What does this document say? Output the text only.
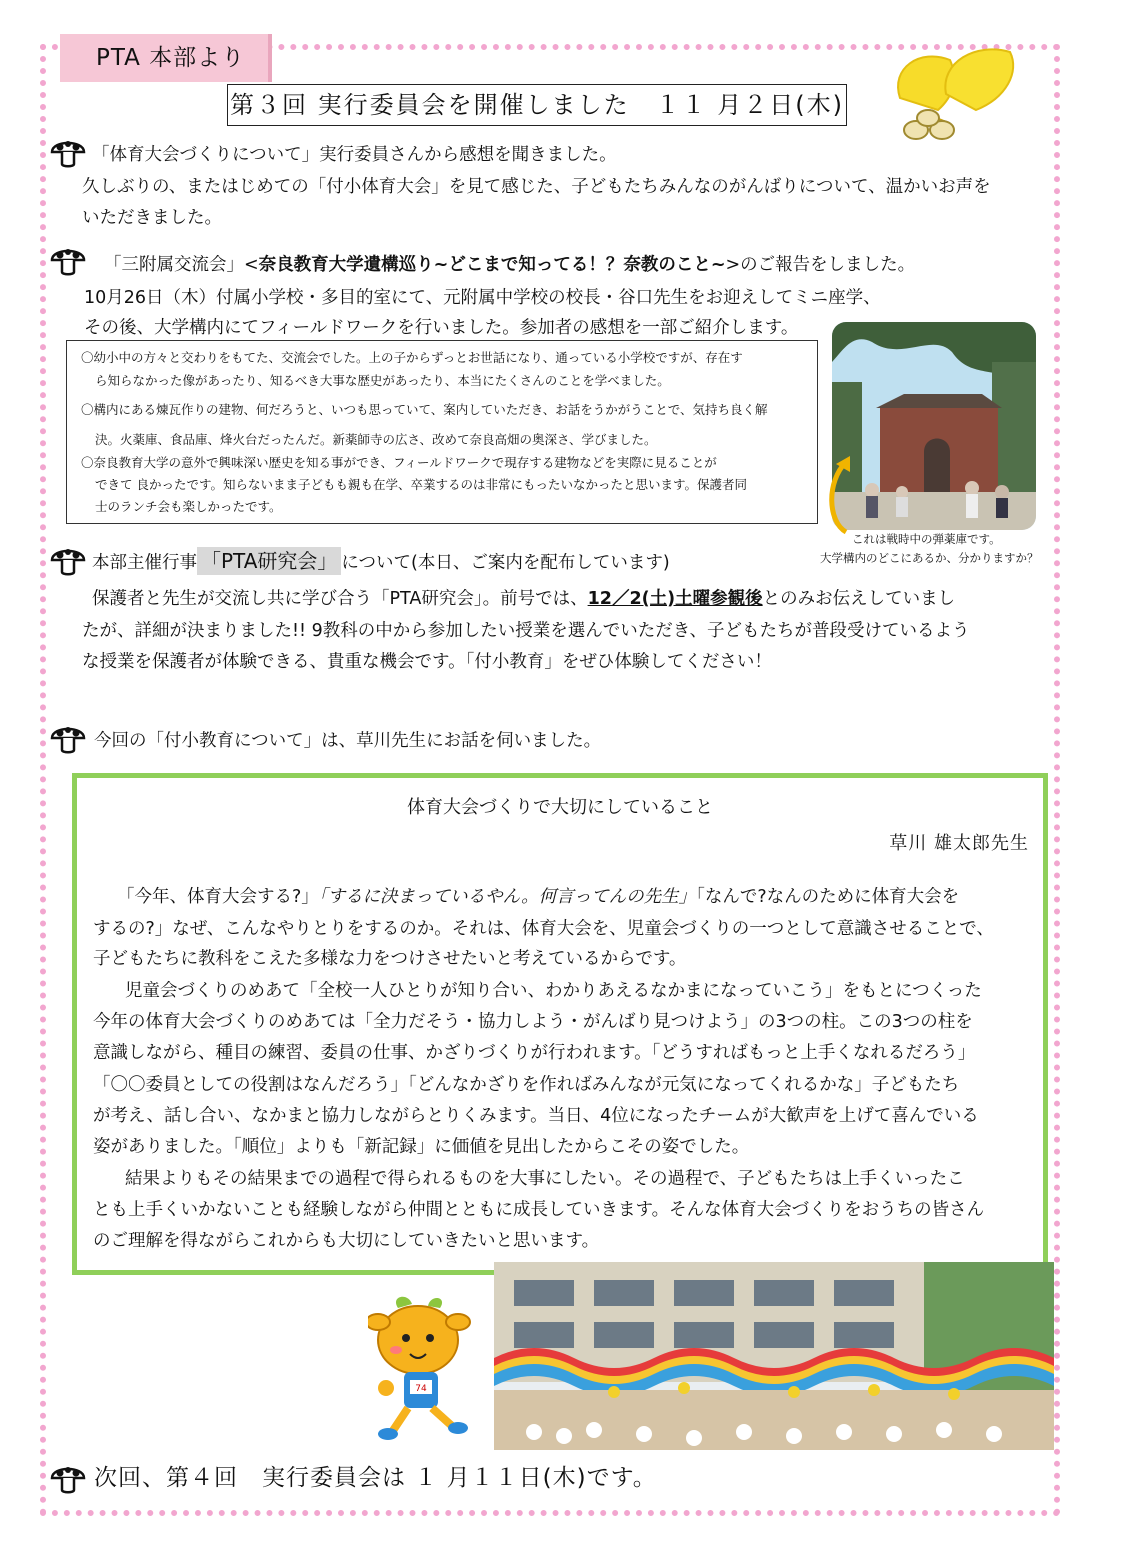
PTA 本部より
第３回 実行委員会を開催しました　１１ 月２日(木)
「体育大会づくりについて」実行委員さんから感想を聞きました。
久しぶりの、またはじめての「付小体育大会」を見て感じた、子どもたちみんなのがんばりについて、温かいお声を
いただきました。
「三附属交流会」<奈良教育大学遺構巡り~どこまで知ってる！？奈教のこと~>のご報告をしました。
10月26日（木）付属小学校・多目的室にて、元附属中学校の校長・谷口先生をお迎えしてミニ座学、
その後、大学構内にてフィールドワークを行いました。参加者の感想を一部ご紹介します。
〇幼小中の方々と交わりをもてた、交流会でした。上の子からずっとお世話になり、通っている小学校ですが、存在す
ら知らなかった像があったり、知るべき大事な歴史があったり、本当にたくさんのことを学べました。
〇構内にある煉瓦作りの建物、何だろうと、いつも思っていて、案内していただき、お話をうかがうことで、気持ち良く解
決。火薬庫、食品庫、烽火台だったんだ。新薬師寺の広さ、改めて奈良高畑の奥深さ、学びました。
〇奈良教育大学の意外で興味深い歴史を知る事ができ、フィールドワークで現存する建物などを実際に見ることが
できて 良かったです。知らないまま子どもも親も在学、卒業するのは非常にもったいなかったと思います。保護者同
士のランチ会も楽しかったです。
これは戦時中の弾薬庫です。
大学構内のどこにあるか、分かりますか？
本部主催行事 「PTA研究会」 について(本日、ご案内を配布しています)
保護者と先生が交流し共に学び合う「PTA研究会」。前号では、12／2(土)土曜参観後とのみお伝えしていまし
たが、詳細が決まりました!! 9教科の中から参加したい授業を選んでいただき、子どもたちが普段受けているよう
な授業を保護者が体験できる、貴重な機会です。「付小教育」をぜひ体験してください！
今回の「付小教育について」は、草川先生にお話を伺いました。
体育大会づくりで大切にしていること
草川 雄太郎先生
「今年、体育大会する?」「するに決まっているやん。何言ってんの先生」「なんで?なんのために体育大会を
するの?」なぜ、こんなやりとりをするのか。それは、体育大会を、児童会づくりの一つとして意識させることで、
子どもたちに教科をこえた多様な力をつけさせたいと考えているからです。
児童会づくりのめあて「全校一人ひとりが知り合い、わかりあえるなかまになっていこう」をもとにつくった
今年の体育大会づくりのめあては「全力だそう・協力しよう・がんばり見つけよう」の3つの柱。この3つの柱を
意識しながら、種目の練習、委員の仕事、かざりづくりが行われます。「どうすればもっと上手くなれるだろう」
「〇〇委員としての役割はなんだろう」「どんなかざりを作ればみんなが元気になってくれるかな」子どもたち
が考え、話し合い、なかまと協力しながらとりくみます。当日、4位になったチームが大歓声を上げて喜んでいる
姿がありました。「順位」よりも「新記録」に価値を見出したからこその姿でした。
結果よりもその結果までの過程で得られるものを大事にしたい。その過程で、子どもたちは上手くいったこ
とも上手くいかないことも経験しながら仲間とともに成長していきます。そんな体育大会づくりをおうちの皆さん
のご理解を得ながらこれからも大切にしていきたいと思います。
74
次回、第４回　実行委員会は １ 月１１日(木)です。
